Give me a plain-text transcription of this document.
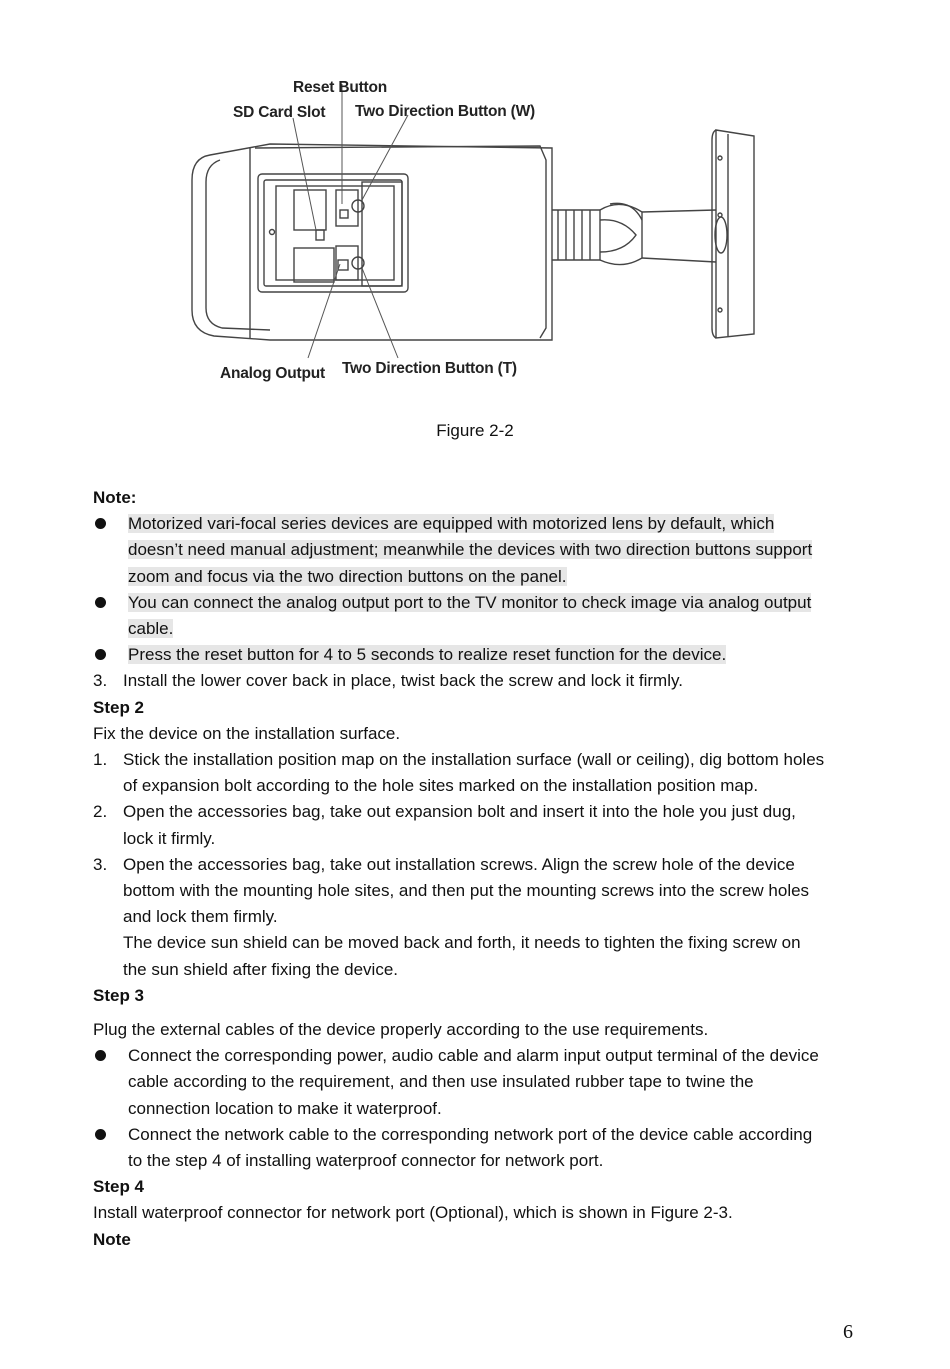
Reset Button
SD Card Slot Two Direction Button (W)
Analog Output Two Direction Button (T)
Figure 2-2
Note:
Motorized vari-focal series devices are equipped with motorized lens by default, which
doesn’t need manual adjustment; meanwhile the devices with two direction buttons support
zoom and focus via the two direction buttons on the panel.
You can connect the analog output port to the TV monitor to check image via analog output
cable.
Press the reset button for 4 to 5 seconds to realize reset function for the device.
3. Install the lower cover back in place, twist back the screw and lock it firmly.
Step 2
Fix the device on the installation surface.
1. Stick the installation position map on the installation surface (wall or ceiling), dig bottom holes
of expansion bolt according to the hole sites marked on the installation position map.
2. Open the accessories bag, take out expansion bolt and insert it into the hole you just dug,
lock it firmly.
3. Open the accessories bag, take out installation screws. Align the screw hole of the device
bottom with the mounting hole sites, and then put the mounting screws into the screw holes
and lock them firmly.
The device sun shield can be moved back and forth, it needs to tighten the fixing screw on
the sun shield after fixing the device.
Step 3
Plug the external cables of the device properly according to the use requirements.
Connect the corresponding power, audio cable and alarm input output terminal of the device
cable according to the requirement, and then use insulated rubber tape to twine the
connection location to make it waterproof.
Connect the network cable to the corresponding network port of the device cable according
to the step 4 of installing waterproof connector for network port.
Step 4
Install waterproof connector for network port (Optional), which is shown in Figure 2-3.
Note
6
